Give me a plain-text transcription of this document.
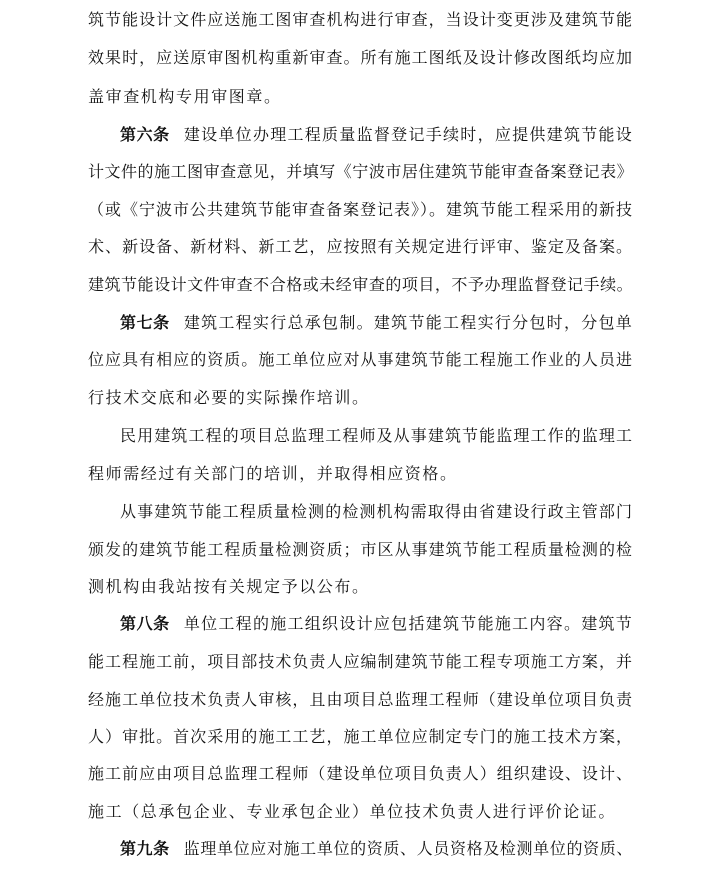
筑节能设计文件应送施工图审查机构进行审查，当设计变更涉及建筑节能
效果时，应送原审图机构重新审查。所有施工图纸及设计修改图纸均应加
盖审查机构专用审图章。
第六条 建设单位办理工程质量监督登记手续时，应提供建筑节能设
计文件的施工图审查意见，并填写《宁波市居住建筑节能审查备案登记表》
（或《宁波市公共建筑节能审查备案登记表》）。建筑节能工程采用的新技
术、新设备、新材料、新工艺，应按照有关规定进行评审、鉴定及备案。
建筑节能设计文件审查不合格或未经审查的项目，不予办理监督登记手续。
第七条 建筑工程实行总承包制。建筑节能工程实行分包时，分包单
位应具有相应的资质。施工单位应对从事建筑节能工程施工作业的人员进
行技术交底和必要的实际操作培训。
民用建筑工程的项目总监理工程师及从事建筑节能监理工作的监理工
程师需经过有关部门的培训，并取得相应资格。
从事建筑节能工程质量检测的检测机构需取得由省建设行政主管部门
颁发的建筑节能工程质量检测资质；市区从事建筑节能工程质量检测的检
测机构由我站按有关规定予以公布。
第八条 单位工程的施工组织设计应包括建筑节能施工内容。建筑节
能工程施工前，项目部技术负责人应编制建筑节能工程专项施工方案，并
经施工单位技术负责人审核，且由项目总监理工程师（建设单位项目负责
人）审批。首次采用的施工工艺，施工单位应制定专门的施工技术方案，
施工前应由项目总监理工程师（建设单位项目负责人）组织建设、设计、
施工（总承包企业、专业承包企业）单位技术负责人进行评价论证。
第九条 监理单位应对施工单位的资质、人员资格及检测单位的资质、
